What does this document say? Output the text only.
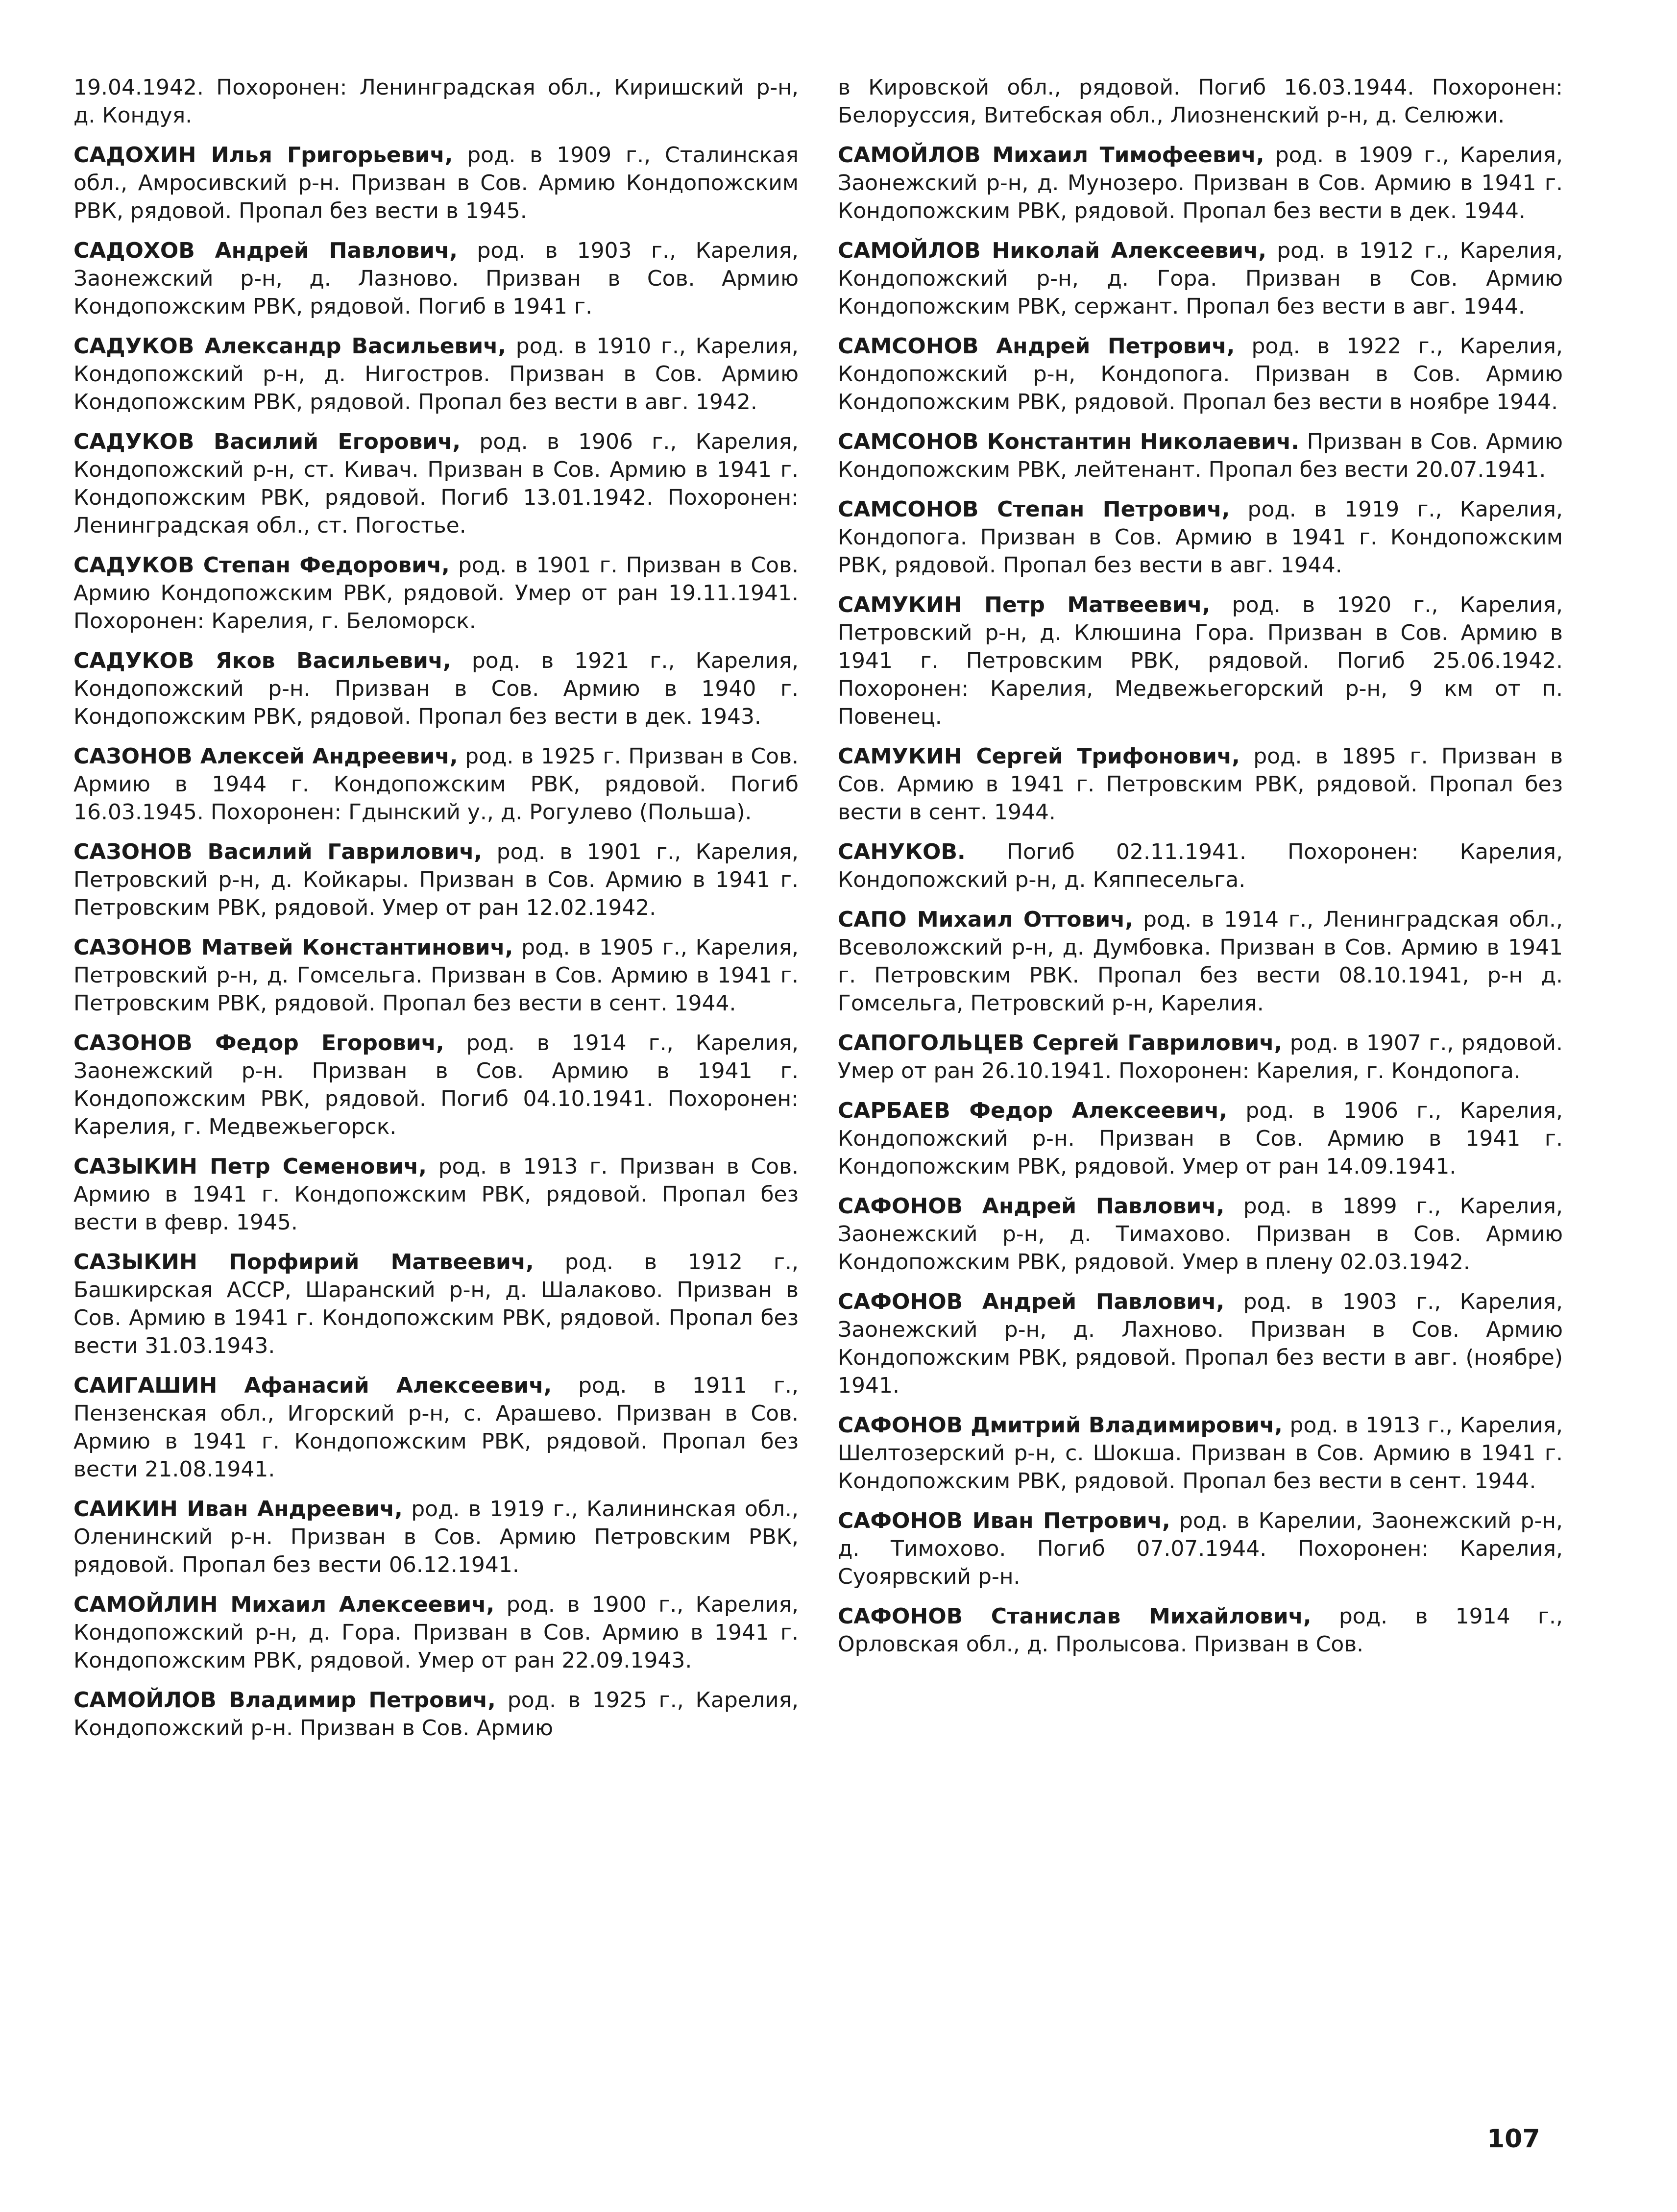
19.04.1942. Похоронен: Ленинградская обл., Киришский р-н, д. Кондуя.

САДОХИН Илья Григорьевич, род. в 1909 г., Сталинская обл., Амросивский р-н. Призван в Сов. Армию Кондопожским РВК, рядовой. Пропал без вести в 1945.

САДОХОВ Андрей Павлович, род. в 1903 г., Карелия, Заонежский р-н, д. Лазново. Призван в Сов. Армию Кондопожским РВК, рядовой. Погиб в 1941 г.

САДУКОВ Александр Васильевич, род. в 1910 г., Карелия, Кондопожский р-н, д. Нигостров. Призван в Сов. Армию Кондопожским РВК, рядовой. Пропал без вести в авг. 1942.

САДУКОВ Василий Егорович, род. в 1906 г., Карелия, Кондопожский р-н, ст. Кивач. Призван в Сов. Армию в 1941 г. Кондопожским РВК, рядовой. Погиб 13.01.1942. Похоронен: Ленинградская обл., ст. Погостье.

САДУКОВ Степан Федорович, род. в 1901 г. Призван в Сов. Армию Кондопожским РВК, рядовой. Умер от ран 19.11.1941. Похоронен: Карелия, г. Беломорск.

САДУКОВ Яков Васильевич, род. в 1921 г., Карелия, Кондопожский р-н. Призван в Сов. Армию в 1940 г. Кондопожским РВК, рядовой. Пропал без вести в дек. 1943.

САЗОНОВ Алексей Андреевич, род. в 1925 г. Призван в Сов. Армию в 1944 г. Кондопожским РВК, рядовой. Погиб 16.03.1945. Похоронен: Гдынский у., д. Рогулево (Польша).

САЗОНОВ Василий Гаврилович, род. в 1901 г., Карелия, Петровский р-н, д. Койкары. Призван в Сов. Армию в 1941 г. Петровским РВК, рядовой. Умер от ран 12.02.1942.

САЗОНОВ Матвей Константинович, род. в 1905 г., Карелия, Петровский р-н, д. Гомсельга. Призван в Сов. Армию в 1941 г. Петровским РВК, рядовой. Пропал без вести в сент. 1944.

САЗОНОВ Федор Егорович, род. в 1914 г., Карелия, Заонежский р-н. Призван в Сов. Армию в 1941 г. Кондопожским РВК, рядовой. Погиб 04.10.1941. Похоронен: Карелия, г. Медвежьегорск.

САЗЫКИН Петр Семенович, род. в 1913 г. Призван в Сов. Армию в 1941 г. Кондопожским РВК, рядовой. Пропал без вести в февр. 1945.

САЗЫКИН Порфирий Матвеевич, род. в 1912 г., Башкирская АССР, Шаранский р-н, д. Шалаково. Призван в Сов. Армию в 1941 г. Кондопожским РВК, рядовой. Пропал без вести 31.03.1943.

САИГАШИН Афанасий Алексеевич, род. в 1911 г., Пензенская обл., Игорский р-н, с. Арашево. Призван в Сов. Армию в 1941 г. Кондопожским РВК, рядовой. Пропал без вести 21.08.1941.

САИКИН Иван Андреевич, род. в 1919 г., Калининская обл., Оленинский р-н. Призван в Сов. Армию Петровским РВК, рядовой. Пропал без вести 06.12.1941.

САМОЙЛИН Михаил Алексеевич, род. в 1900 г., Карелия, Кондопожский р-н, д. Гора. Призван в Сов. Армию в 1941 г. Кондопожским РВК, рядовой. Умер от ран 22.09.1943.

САМОЙЛОВ Владимир Петрович, род. в 1925 г., Карелия, Кондопожский р-н. Призван в Сов. Армию

в Кировской обл., рядовой. Погиб 16.03.1944. Похоронен: Белоруссия, Витебская обл., Лиозненский р-н, д. Селюжи.

САМОЙЛОВ Михаил Тимофеевич, род. в 1909 г., Карелия, Заонежский р-н, д. Мунозеро. Призван в Сов. Армию в 1941 г. Кондопожским РВК, рядовой. Пропал без вести в дек. 1944.

САМОЙЛОВ Николай Алексеевич, род. в 1912 г., Карелия, Кондопожский р-н, д. Гора. Призван в Сов. Армию Кондопожским РВК, сержант. Пропал без вести в авг. 1944.

САМСОНОВ Андрей Петрович, род. в 1922 г., Карелия, Кондопожский р-н, Кондопога. Призван в Сов. Армию Кондопожским РВК, рядовой. Пропал без вести в ноябре 1944.

САМСОНОВ Константин Николаевич. Призван в Сов. Армию Кондопожским РВК, лейтенант. Пропал без вести 20.07.1941.

САМСОНОВ Степан Петрович, род. в 1919 г., Карелия, Кондопога. Призван в Сов. Армию в 1941 г. Кондопожским РВК, рядовой. Пропал без вести в авг. 1944.

САМУКИН Петр Матвеевич, род. в 1920 г., Карелия, Петровский р-н, д. Клюшина Гора. Призван в Сов. Армию в 1941 г. Петровским РВК, рядовой. Погиб 25.06.1942. Похоронен: Карелия, Медвежьегорский р-н, 9 км от п. Повенец.

САМУКИН Сергей Трифонович, род. в 1895 г. Призван в Сов. Армию в 1941 г. Петровским РВК, рядовой. Пропал без вести в сент. 1944.

САНУКОВ. Погиб 02.11.1941. Похоронен: Карелия, Кондопожский р-н, д. Кяппесельга.

САПО Михаил Оттович, род. в 1914 г., Ленинградская обл., Всеволожский р-н, д. Думбовка. Призван в Сов. Армию в 1941 г. Петровским РВК. Пропал без вести 08.10.1941, р-н д. Гомсельга, Петровский р-н, Карелия.

САПОГОЛЬЦЕВ Сергей Гаврилович, род. в 1907 г., рядовой. Умер от ран 26.10.1941. Похоронен: Карелия, г. Кондопога.

САРБАЕВ Федор Алексеевич, род. в 1906 г., Карелия, Кондопожский р-н. Призван в Сов. Армию в 1941 г. Кондопожским РВК, рядовой. Умер от ран 14.09.1941.

САФОНОВ Андрей Павлович, род. в 1899 г., Карелия, Заонежский р-н, д. Тимахово. Призван в Сов. Армию Кондопожским РВК, рядовой. Умер в плену 02.03.1942.

САФОНОВ Андрей Павлович, род. в 1903 г., Карелия, Заонежский р-н, д. Лахново. Призван в Сов. Армию Кондопожским РВК, рядовой. Пропал без вести в авг. (ноябре) 1941.

САФОНОВ Дмитрий Владимирович, род. в 1913 г., Карелия, Шелтозерский р-н, с. Шокша. Призван в Сов. Армию в 1941 г. Кондопожским РВК, рядовой. Пропал без вести в сент. 1944.

САФОНОВ Иван Петрович, род. в Карелии, Заонежский р-н, д. Тимохово. Погиб 07.07.1944. Похоронен: Карелия, Суоярвский р-н.

САФОНОВ Станислав Михайлович, род. в 1914 г., Орловская обл., д. Пролысова. Призван в Сов.

107
